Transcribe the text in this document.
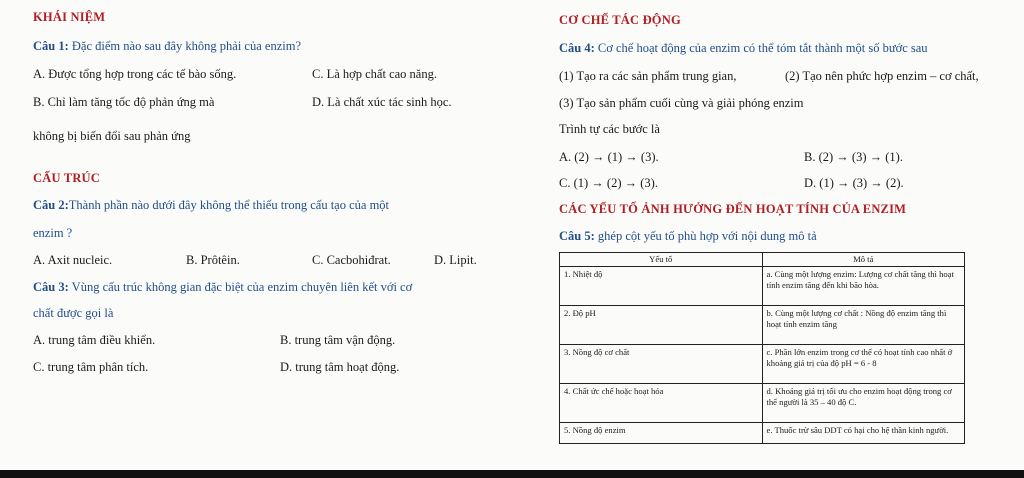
KHÁI NIỆM
Câu 1: Đặc điểm nào sau đây không phải của enzim?
A. Được tổng hợp trong các tế bào sống.	C. Là hợp chất cao năng.
B. Chỉ làm tăng tốc độ phản ứng mà	D. Là chất xúc tác sinh học.
không bị biến đổi sau phản ứng
CẤU TRÚC
Câu 2:Thành phần nào dưới đây không thể thiếu trong cấu tạo của một
enzim ?
A. Axit nucleic.	B. Prôtêin.	C. Cacbohiđrat.	D. Lipit.
Câu 3: Vùng cấu trúc không gian đặc biệt của enzim chuyên liên kết với cơ
chất được gọi là
A. trung tâm điều khiển.	B. trung tâm vận động.
C. trung tâm phân tích.	D. trung tâm hoạt động.
CƠ CHẾ TÁC ĐỘNG
Câu 4: Cơ chế hoạt động của enzim có thể tóm tắt thành một số bước sau
(1) Tạo ra các sản phẩm trung gian,	(2) Tạo nên phức hợp enzim – cơ chất,
(3) Tạo sản phẩm cuối cùng và giải phóng enzim
Trình tự các bước là
A. (2) → (1) → (3).	B. (2) → (3) → (1).
C. (1) → (2) → (3).	D. (1) → (3) → (2).
CÁC YẾU TỐ ẢNH HƯỞNG ĐẾN HOẠT TÍNH CỦA ENZIM
Câu 5: ghép cột yếu tố phù hợp với nội dung mô tả
Yếu tố	Mô tả
1. Nhiệt độ	a. Cùng một lượng enzim: Lượng cơ chất tăng thì hoạt tính enzim tăng đến khi bão hòa.
2. Độ pH	b. Cùng một lượng cơ chất : Nồng độ enzim tăng thì hoạt tính enzim tăng
3. Nồng độ cơ chất	c. Phần lớn enzim trong cơ thể có hoạt tính cao nhất ở khoảng giá trị của độ pH = 6 - 8
4. Chất ức chế hoặc hoạt hóa	d. Khoảng giá trị tối ưu cho enzim hoạt động trong cơ thể người là 35 – 40 độ C.
5. Nồng độ enzim	e. Thuốc trừ sâu DDT có hại cho hệ thần kinh người.
